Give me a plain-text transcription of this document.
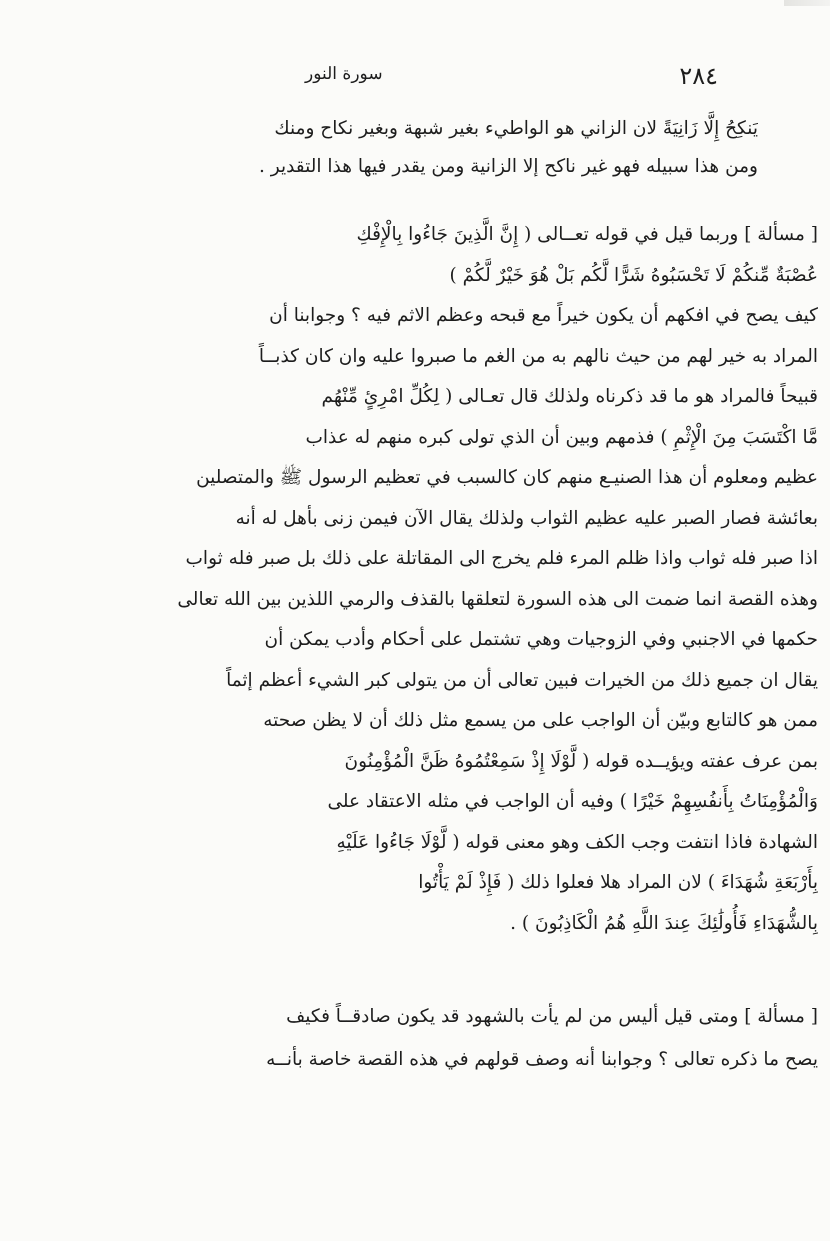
٢٨٤
سورة النور
يَنكِحُ إِلَّا زَانِيَةً لان الزاني هو الواطيء بغير شبهة وبغير نكاح ومنك
ومن هذا سبيله فهو غير ناكح إلا الزانية ومن يقدر فيها هذا التقدير .
[ مسألة ] وربما قيل في قوله تعــالى ( إِنَّ الَّذِينَ جَاءُوا بِالْإِفْكِ
عُصْبَةٌ مِّنكُمْ لَا تَحْسَبُوهُ شَرًّا لَّكُم بَلْ هُوَ خَيْرٌ لَّكُمْ )
كيف يصح في افكهم أن يكون خيراً مع قبحه وعظم الاثم فيه ؟ وجوابنا أن
المراد به خير لهم من حيث نالهم به من الغم ما صبروا عليه وان كان كذبــاً
قبيحاً فالمراد هو ما قد ذكرناه ولذلك قال تعـالى ( لِكُلِّ امْرِئٍ مِّنْهُم
مَّا اكْتَسَبَ مِنَ الْإِثْمِ ) فذمهم وبين أن الذي تولى كبره منهم له عذاب
عظيم ومعلوم أن هذا الصنيـع منهم كان كالسبب في تعظيم الرسول ﷺ والمتصلين
بعائشة فصار الصبر عليه عظيم الثواب ولذلك يقال الآن فيمن زنى بأهل له أنه
اذا صبر فله ثواب واذا ظلم المرء فلم يخرج الى المقاتلة على ذلك بل صبر فله ثواب
وهذه القصة انما ضمت الى هذه السورة لتعلقها بالقذف والرمي اللذين بين الله تعالى
حكمها في الاجنبي وفي الزوجيات وهي تشتمل على أحكام وأدب يمكن أن
يقال ان جميع ذلك من الخيرات فبين تعالى أن من يتولى كبر الشيء أعظم إثماً
ممن هو كالتابع وبيّن أن الواجب على من يسمع مثل ذلك أن لا يظن صحته
بمن عرف عفته ويؤيــده قوله ( لَّوْلَا إِذْ سَمِعْتُمُوهُ ظَنَّ الْمُؤْمِنُونَ
وَالْمُؤْمِنَاتُ بِأَنفُسِهِمْ خَيْرًا ) وفيه أن الواجب في مثله الاعتقاد على
الشهادة فاذا انتفت وجب الكف وهو معنى قوله ( لَّوْلَا جَاءُوا عَلَيْهِ
بِأَرْبَعَةِ شُهَدَاءَ ) لان المراد هلا فعلوا ذلك ( فَإِذْ لَمْ يَأْتُوا
بِالشُّهَدَاءِ فَأُولَٰئِكَ عِندَ اللَّهِ هُمُ الْكَاذِبُونَ ) .
[ مسألة ] ومتى قيل أليس من لم يأت بالشهود قد يكون صادقــاً فكيف
يصح ما ذكره تعالى ؟ وجوابنا أنه وصف قولهم في هذه القصة خاصة بأنــه
